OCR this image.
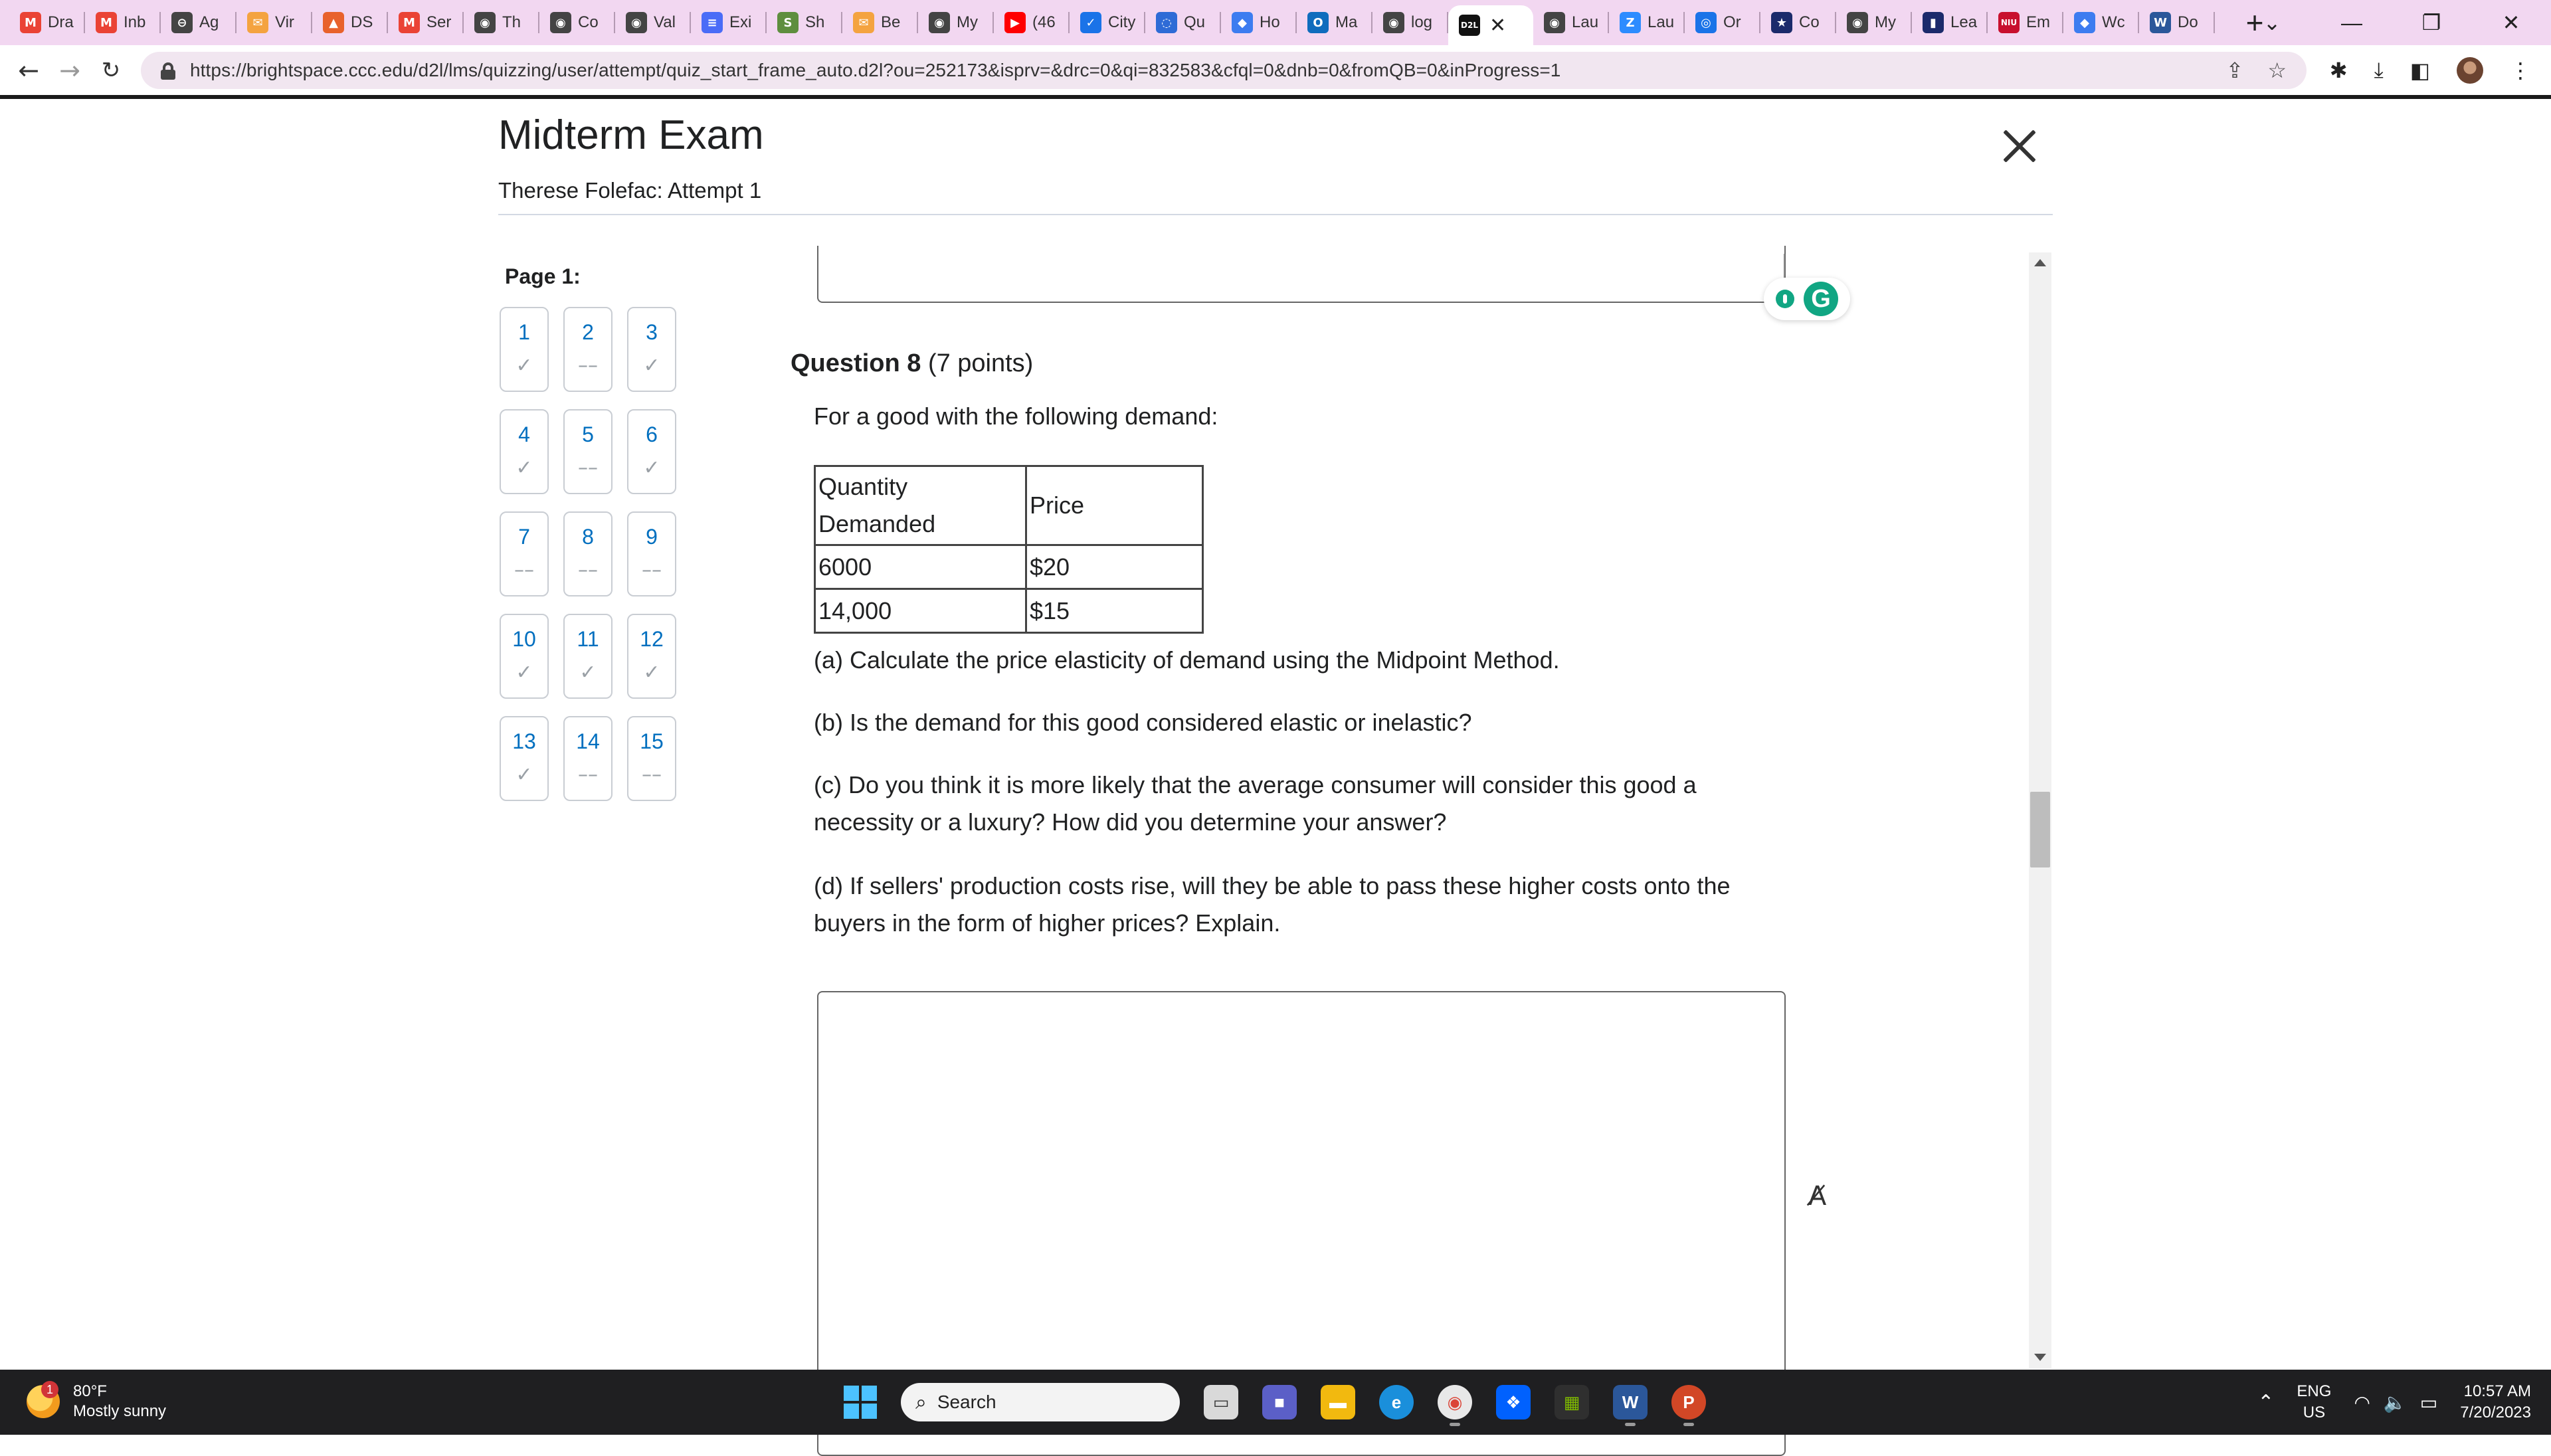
M Dra	M Inb	⊖ Ag	✉ Vir	▲ DS	M Ser	◉ Th	◉ Co	◉ Val	≡ Exi	S Sh	✉ Be	◉ My	▶ (46	✓ City	◌ Qu	◆ Ho	O Ma	◉ log	D2L ✕	◉ Lau	Z Lau	◎ Or	★ Co	◉ My	▮ Lea	NIU Em	◆ Wc	W Do	+ ⌄	—	❐	✕
← → ↻	https://brightspace.ccc.edu/d2l/lms/quizzing/user/attempt/quiz_start_frame_auto.d2l?ou=252173&isprv=&drc=0&qi=832583&cfql=0&dnb=0&fromQB=0&inProgress=1	⇪ ☆ ✱ ⤓ ◧	⋮
Midterm Exam
Therese Folefac: Attempt 1
Page 1:
1
✓
2
––
3
✓
4
✓
5
––
6
✓
7
––
8
––
9
––
10
✓
11
✓
12
✓
13
✓
14
––
15
––
G
Question 8 (7 points)
For a good with the following demand:
Quantity Demanded	Price
6000	$20
14,000	$15
(a) Calculate the price elasticity of demand using the Midpoint Method.
(b) Is the demand for this good considered elastic or inelastic?
(c) Do you think it is more likely that the average consumer will consider this good a necessity or a luxury? How did you determine your answer?
(d) If sellers' production costs rise, will they be able to pass these higher costs onto the buyers in the form of higher prices? Explain.
A̸
1	80°F
Mostly sunny	⌕ Search	▭	■	▬	e	◉	❖	▦	W	P	⌃ ENG
US	◠ 🔈 ▭ 10:57 AM
7/20/2023
